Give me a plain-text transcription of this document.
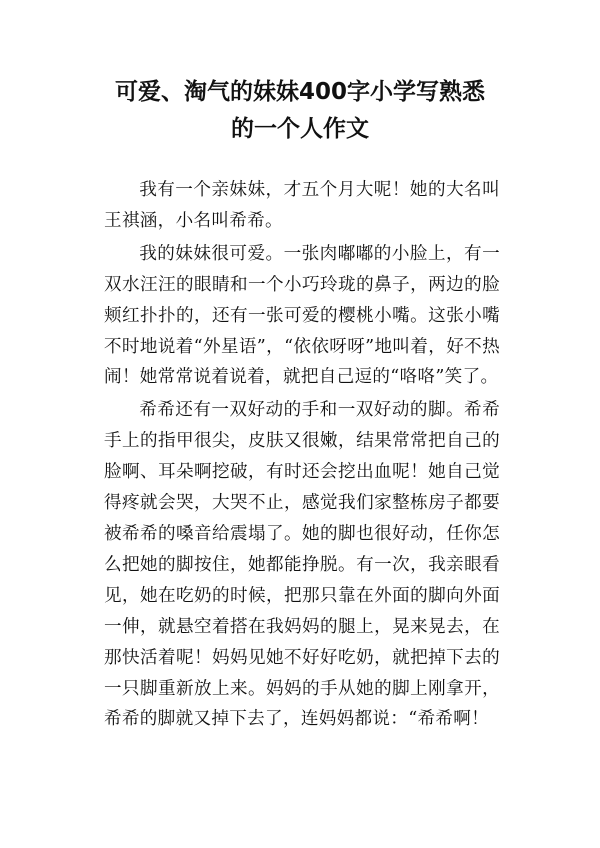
可爱、淘气的妹妹400字小学写熟悉
的一个人作文

我有一个亲妹妹，才五个月大呢！她的大名叫王祺涵，小名叫希希。

我的妹妹很可爱。一张肉嘟嘟的小脸上，有一双水汪汪的眼睛和一个小巧玲珑的鼻子，两边的脸颊红扑扑的，还有一张可爱的樱桃小嘴。这张小嘴不时地说着“外星语”，“依依呀呀”地叫着，好不热闹！她常常说着说着，就把自己逗的“咯咯”笑了。

希希还有一双好动的手和一双好动的脚。希希手上的指甲很尖，皮肤又很嫩，结果常常把自己的脸啊、耳朵啊挖破，有时还会挖出血呢！她自己觉得疼就会哭，大哭不止，感觉我们家整栋房子都要被希希的嗓音给震塌了。她的脚也很好动，任你怎么把她的脚按住，她都能挣脱。有一次，我亲眼看见，她在吃奶的时候，把那只靠在外面的脚向外面一伸，就悬空着搭在我妈妈的腿上，晃来晃去，在那快活着呢！妈妈见她不好好吃奶，就把掉下去的一只脚重新放上来。妈妈的手从她的脚上刚拿开，希希的脚就又掉下去了，连妈妈都说：“希希啊！
